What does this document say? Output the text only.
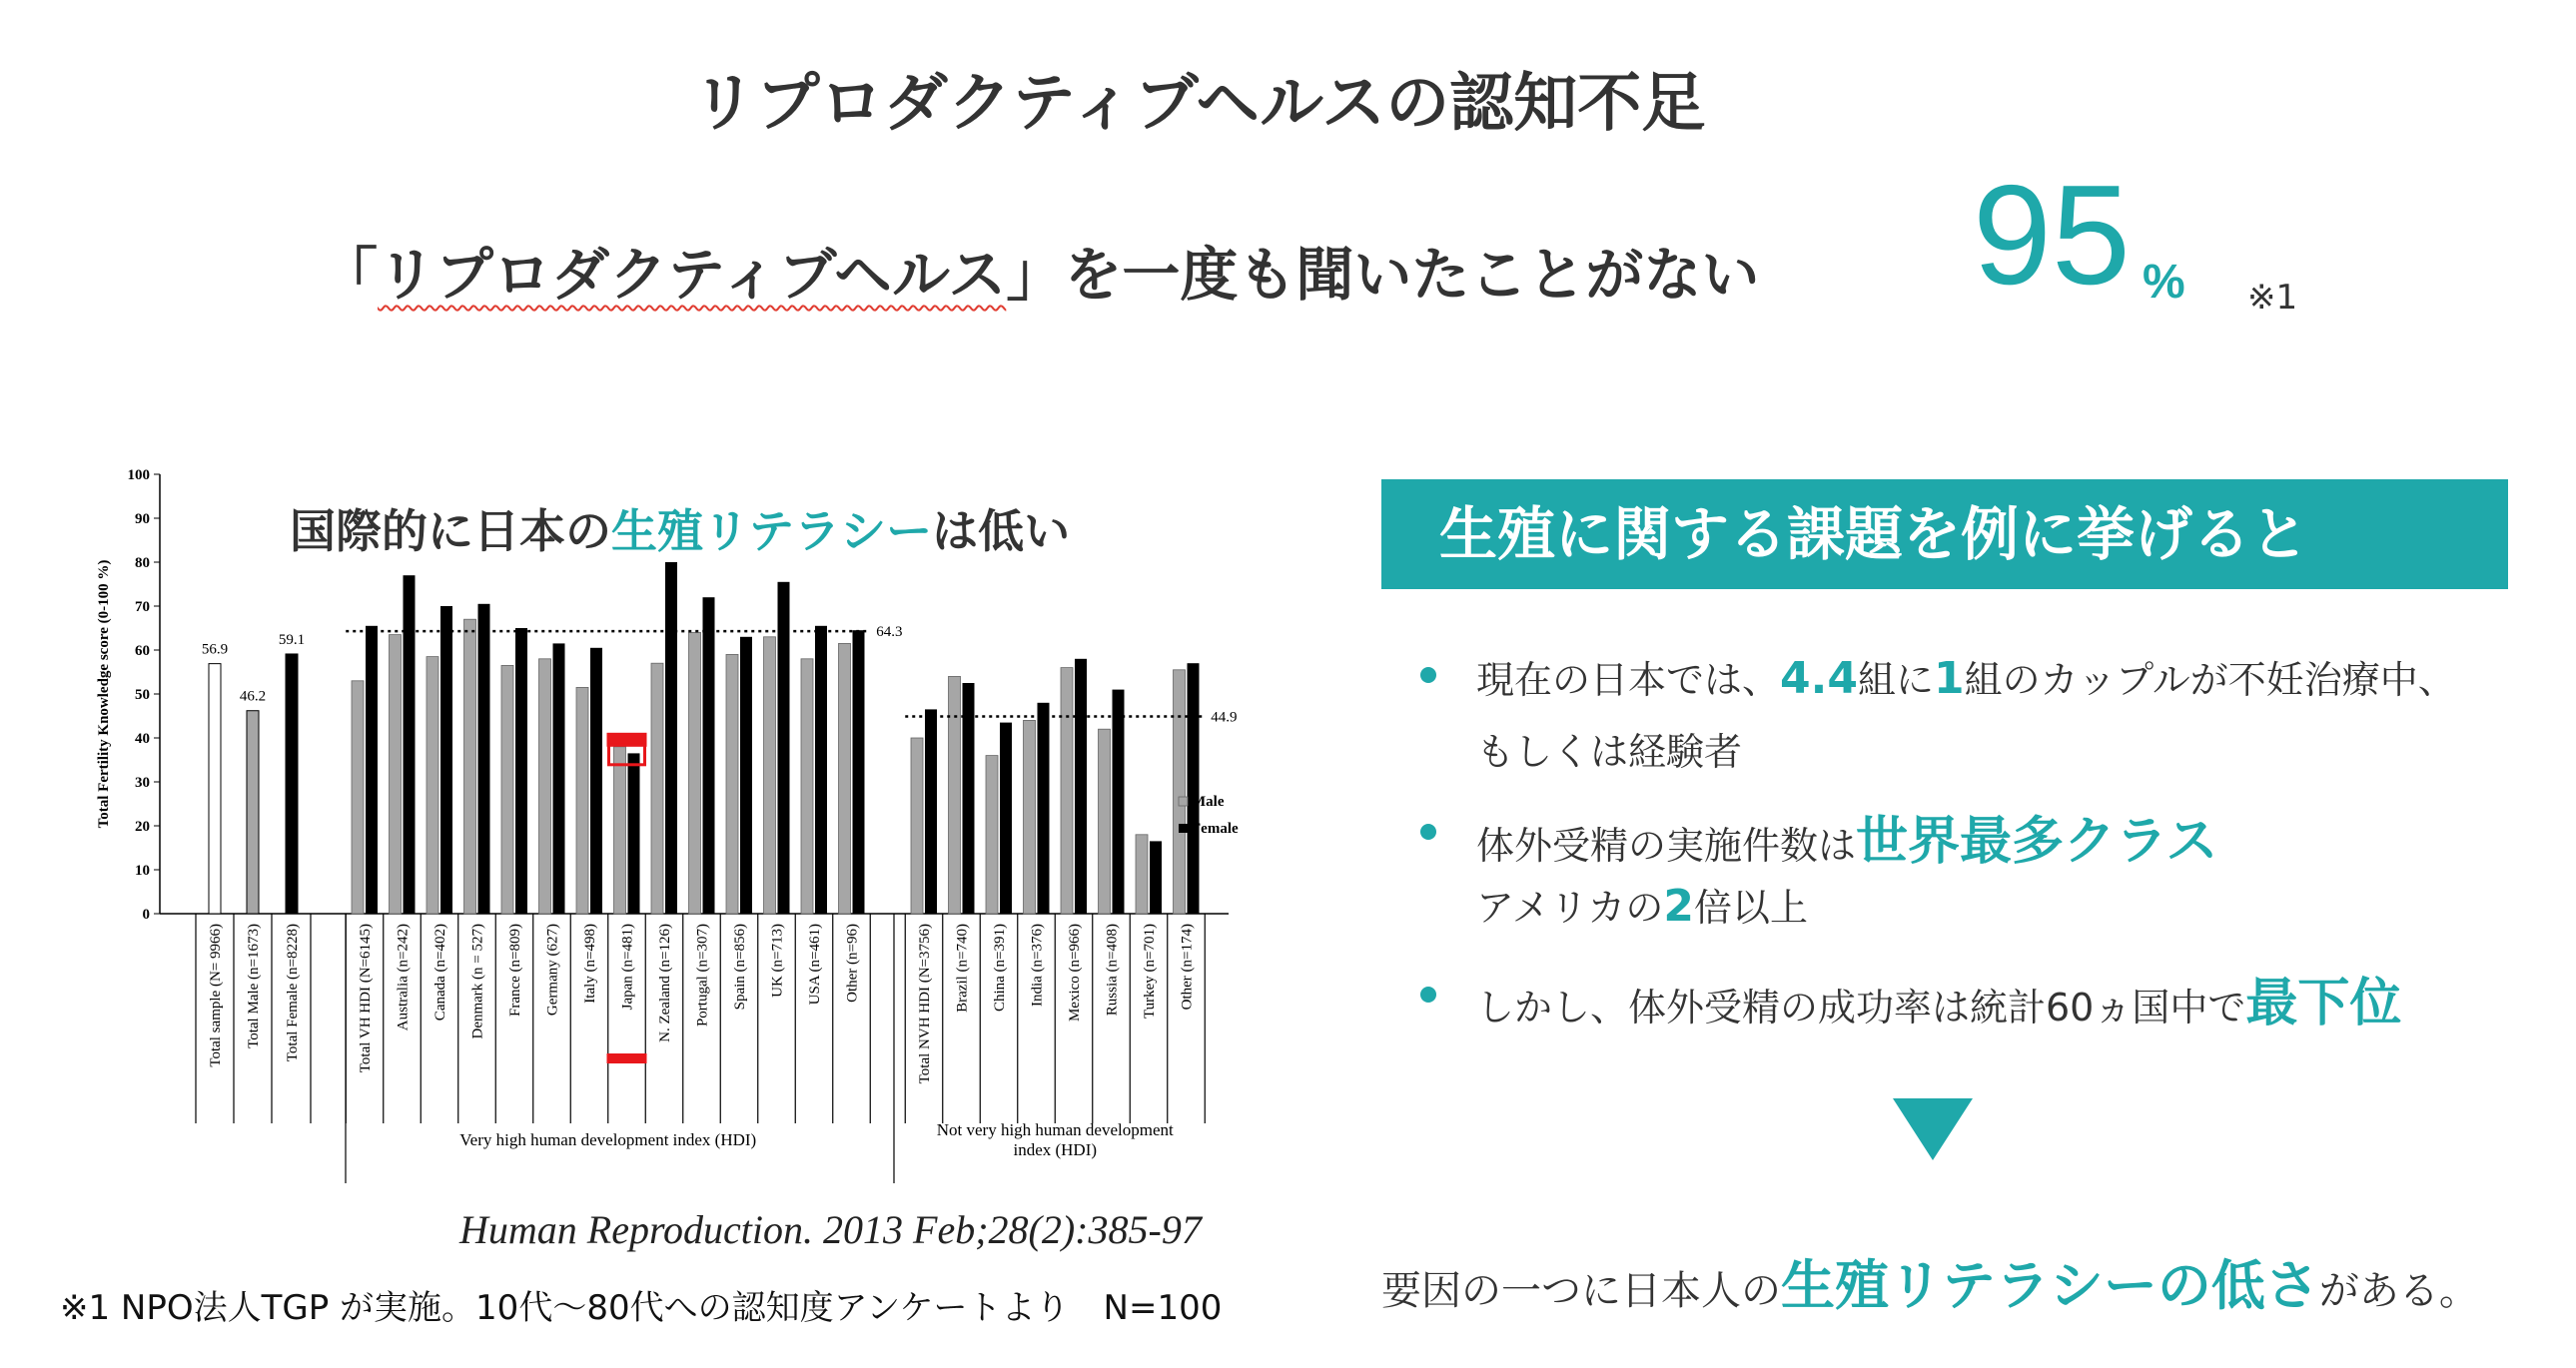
リプロダクティブヘルスの認知不足
「リプロダクティブヘルス」を一度も聞いたことがない 95 % ※1
0
10
20
30
40
50
60
70
80
90
100
Total Fertility Knowledge score (0-100 %)	56.9
Total sample (N= 9966)
46.2
Total Male (n=1673)
59.1
Total Female (n=8228)	Total VH HDI (N=6145) Australia (n=242) Canada (n=402) Denmark (n = 527) France (n=809) Germany (627) Italy (n=498) Japan (n=481) N. Zealand (n=126) Portugal (n=307) Spain (n=856) UK (n=713) USA (n=461) Other (n=96)
64.3
Very high human development index (HDI)
Total NVH HDI (N=3756) Brazil (n=740) China (n=391) India (n=376) Mexico (n=966) Russia (n=408) Turkey (n=701) Other (n=174)
44.9
Not very high human development index (HDI)
Male
Female
国際的に日本の生殖リテラシーは低い
Human Reproduction. 2013 Feb;28(2):385-97
※1 NPO法人TGP が実施。10代～80代への認知度アンケートより　N=100
生殖に関する課題を例に挙げると
現在の日本では、4.4組に1組のカップルが不妊治療中、
もしくは経験者
体外受精の実施件数は世界最多クラス
アメリカの2倍以上
しかし、体外受精の成功率は統計60ヵ国中で最下位
要因の一つに日本人の生殖リテラシーの低さがある。
